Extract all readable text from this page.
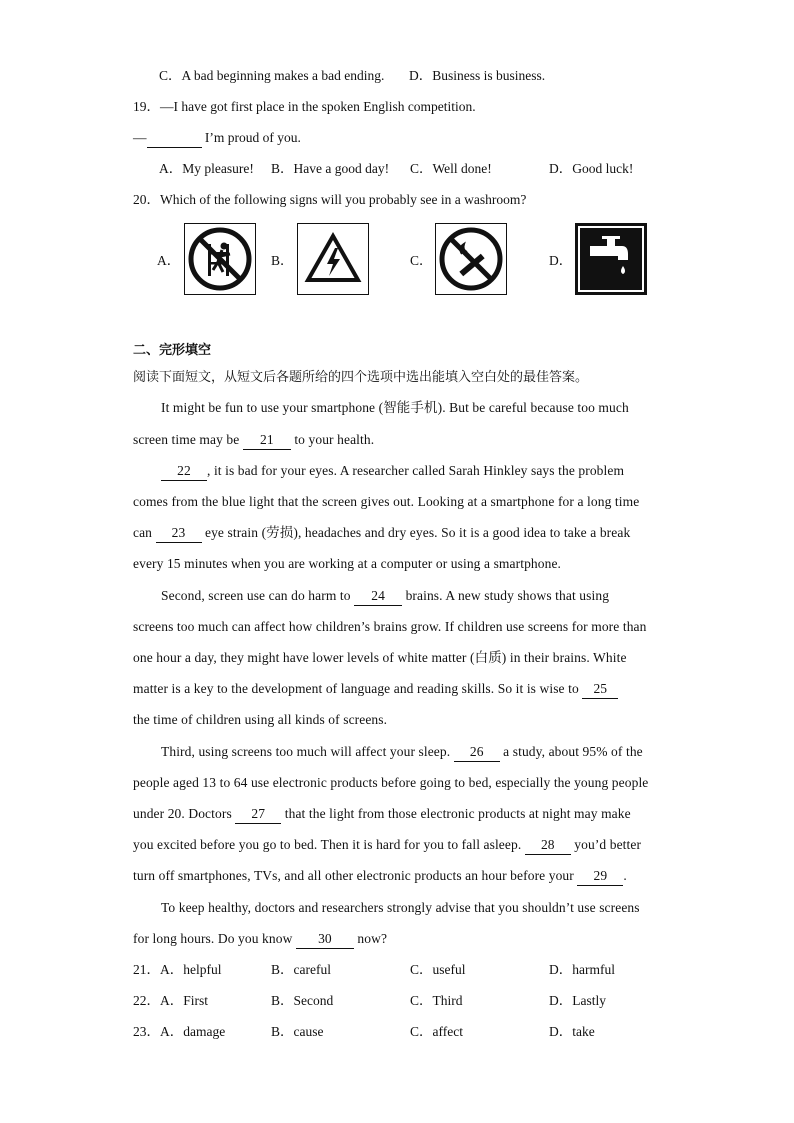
C．A bad beginning makes a bad ending. D．Business is business.
19．—I have got first place in the spoken English competition.
—	I’m proud of you.
A．My pleasure! B．Have a good day! C．Well done!	D．Good luck!
20．Which of the following signs will you probably see in a washroom?
A．	B．	C．	D．
二、完形填空
阅读下面短文，从短文后各题所给的四个选项中选出能填入空白处的最佳答案。
It might be fun to use your smartphone (智能手机). But be careful because too much
screen time may be 21 to your health.
22 , it is bad for your eyes. A researcher called Sarah Hinkley says the problem
comes from the blue light that the screen gives out. Looking at a smartphone for a long time
can 23 eye strain (劳损), headaches and dry eyes. So it is a good idea to take a break
every 15 minutes when you are working at a computer or using a smartphone.
Second, screen use can do harm to 24 brains. A new study shows that using
screens too much can affect how children’s brains grow. If children use screens for more than
one hour a day, they might have lower levels of white matter (白质) in their brains. White
matter is a key to the development of language and reading skills. So it is wise to 25
the time of children using all kinds of screens.
Third, using screens too much will affect your sleep. 26 a study, about 95% of the
people aged 13 to 64 use electronic products before going to bed, especially the young people
under 20. Doctors 27 that the light from those electronic products at night may make
you excited before you go to bed. Then it is hard for you to fall asleep. 28 you’d better
turn off smartphones, TVs, and all other electronic products an hour before your 29 .
To keep healthy, doctors and researchers strongly advise that you shouldn’t use screens
for long hours. Do you know 30 now?
21．A．helpful	B．careful	C．useful	D．harmful
22．A．First	B．Second	C．Third	D．Lastly
23．A．damage	B．cause	C．affect	D．take
